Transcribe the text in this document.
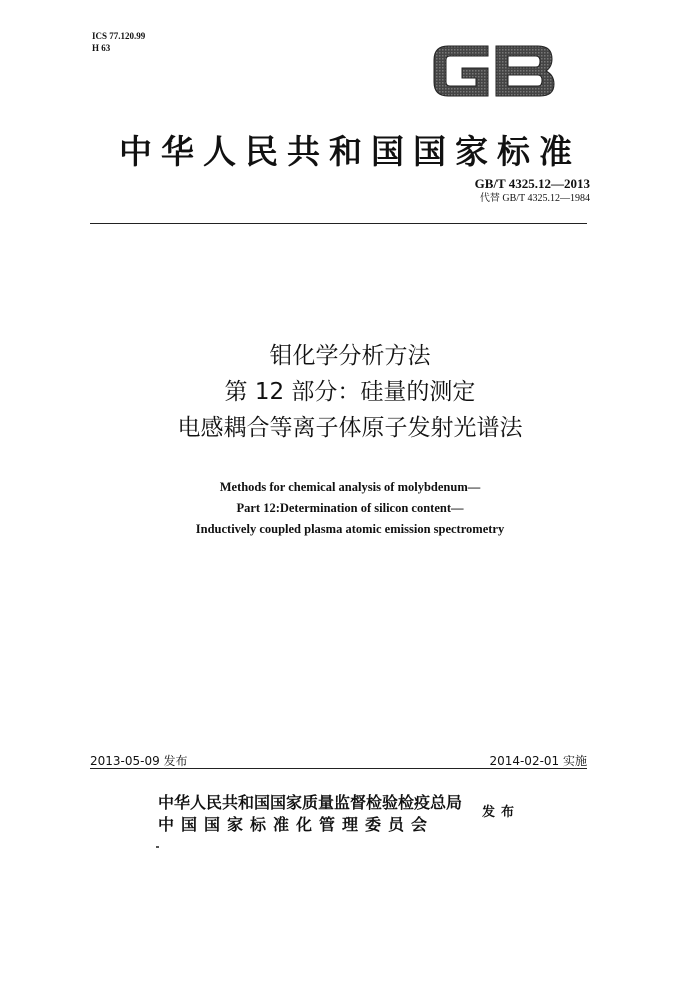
ICS 77.120.99
H 63
中华人民共和国国家标准
GB/T 4325.12—2013
代替 GB/T 4325.12—1984
钼化学分析方法
第 12 部分：硅量的测定
电感耦合等离子体原子发射光谱法
Methods for chemical analysis of molybdenum—
Part 12:Determination of silicon content—
Inductively coupled plasma atomic emission spectrometry
2013-05-09 发布	2014-02-01 实施
中华人民共和国国家质量监督检验检疫总局
中国国家标准化管理委员会
发布
